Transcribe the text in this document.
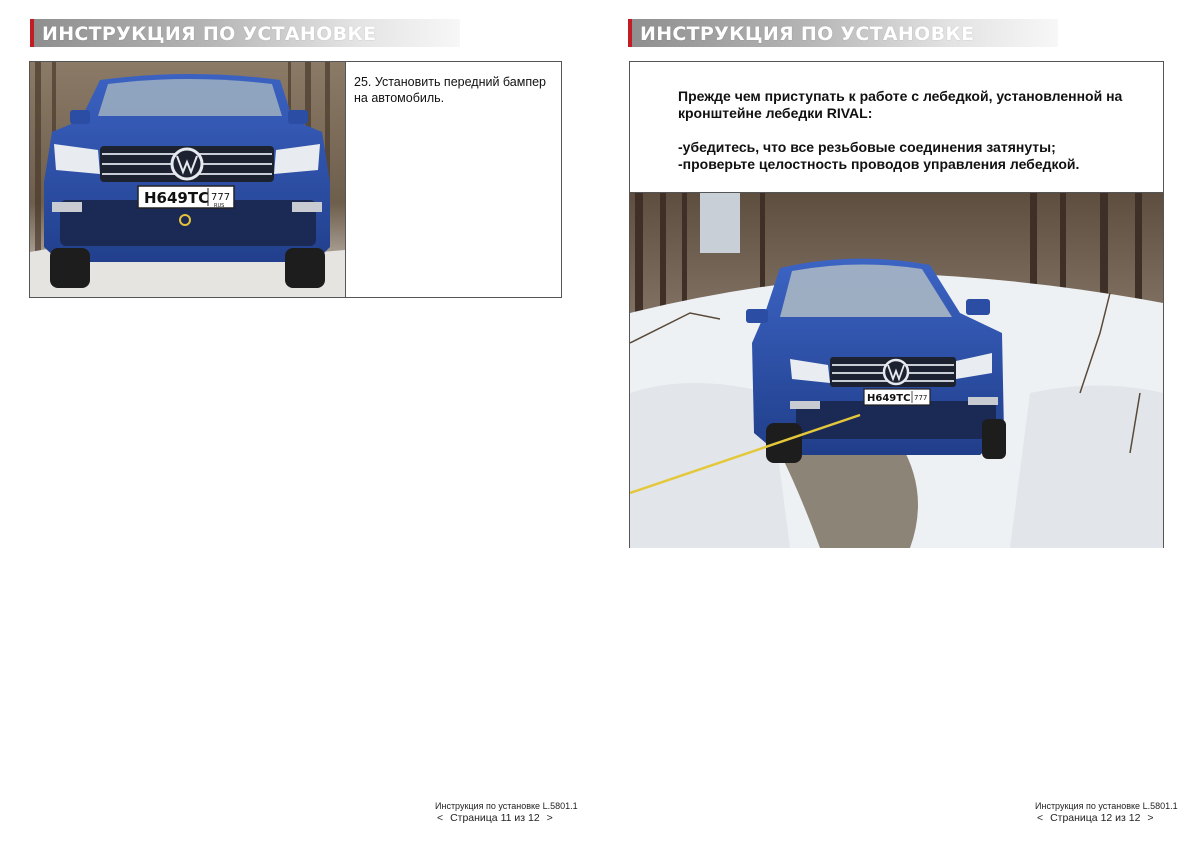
ИНСТРУКЦИЯ ПО УСТАНОВКЕ
Н649ТС 777
RUS
25. Установить передний бампер на автомобиль.
Инструкция по установке L.5801.1
< Страница 11 из 12 >
ИНСТРУКЦИЯ ПО УСТАНОВКЕ

Прежде чем приступать к работе с лебедкой, установленной на кронштейне лебедки RIVAL:

-убедитесь, что все резьбовые соединения затянуты;

-проверьте целостность проводов управления лебедкой.

Н649ТС 777
Инструкция по установке L.5801.1
< Страница 12 из 12 >
